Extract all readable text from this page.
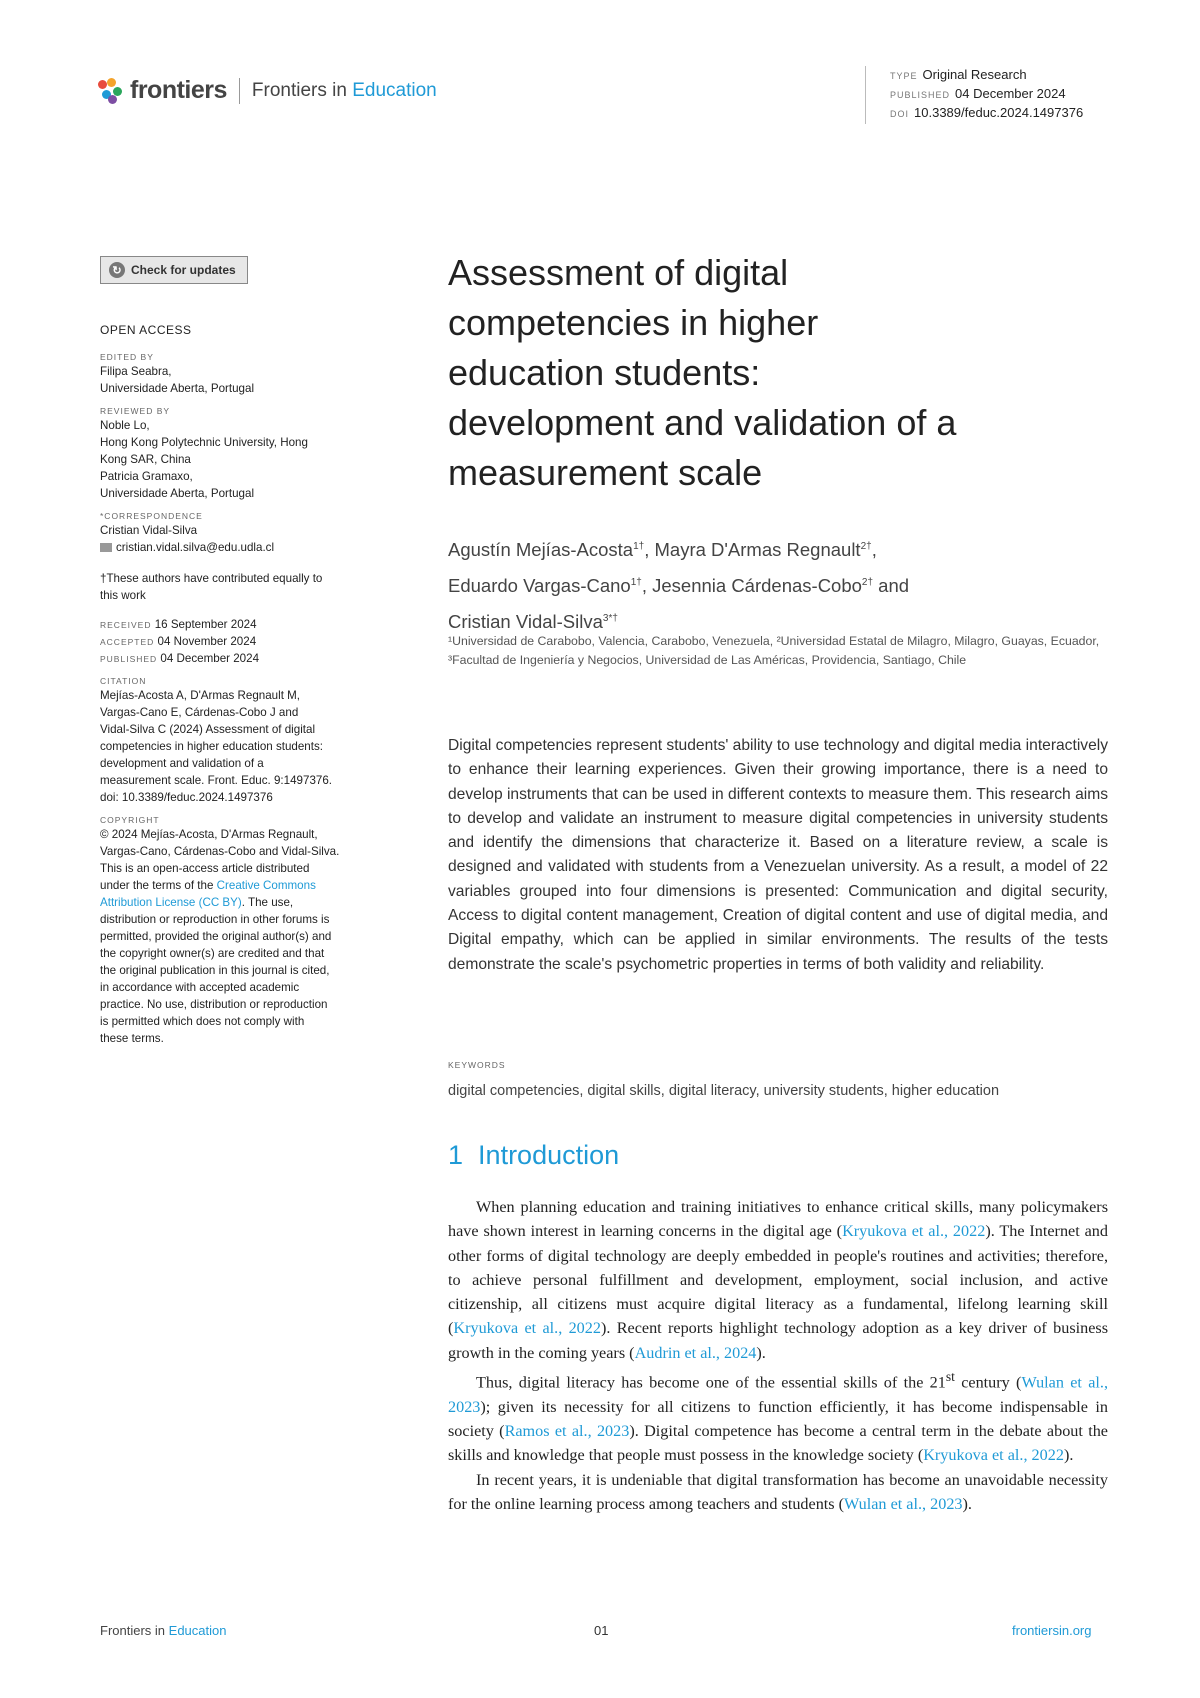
frontiers Frontiers in Education
TYPE Original Research
PUBLISHED 04 December 2024
DOI 10.3389/feduc.2024.1497376
↻ Check for updates
OPEN ACCESS
EDITED BY
Filipa Seabra,
Universidade Aberta, Portugal
REVIEWED BY
Noble Lo,
Hong Kong Polytechnic University, Hong
Kong SAR, China
Patricia Gramaxo,
Universidade Aberta, Portugal
*CORRESPONDENCE
Cristian Vidal-Silva
cristian.vidal.silva@edu.udla.cl
†These authors have contributed equally to
this work
RECEIVED 16 September 2024
ACCEPTED 04 November 2024
PUBLISHED 04 December 2024
CITATION
Mejías-Acosta A, D'Armas Regnault M,
Vargas-Cano E, Cárdenas-Cobo J and
Vidal-Silva C (2024) Assessment of digital
competencies in higher education students:
development and validation of a
measurement scale. Front. Educ. 9:1497376.
doi: 10.3389/feduc.2024.1497376
COPYRIGHT
© 2024 Mejías-Acosta, D'Armas Regnault,
Vargas-Cano, Cárdenas-Cobo and Vidal-Silva.
This is an open-access article distributed
under the terms of the Creative Commons
Attribution License (CC BY). The use,
distribution or reproduction in other forums is
permitted, provided the original author(s) and
the copyright owner(s) are credited and that
the original publication in this journal is cited,
in accordance with accepted academic
practice. No use, distribution or reproduction
is permitted which does not comply with
these terms.
Assessment of digital
competencies in higher
education students:
development and validation of a
measurement scale
Agustín Mejías-Acosta$^{1\dagger}$, Mayra D'Armas Regnault$^{2\dagger}$,
Eduardo Vargas-Cano$^{1\dagger}$, Jesennia Cárdenas-Cobo$^{2\dagger}$ and
Cristian Vidal-Silva$^{3*\dagger}$
¹Universidad de Carabobo, Valencia, Carabobo, Venezuela, ²Universidad Estatal de Milagro, Milagro, Guayas, Ecuador, ³Facultad de Ingeniería y Negocios, Universidad de Las Américas, Providencia, Santiago, Chile
Digital competencies represent students' ability to use technology and digital media interactively to enhance their learning experiences. Given their growing importance, there is a need to develop instruments that can be used in different contexts to measure them. This research aims to develop and validate an instrument to measure digital competencies in university students and identify the dimensions that characterize it. Based on a literature review, a scale is designed and validated with students from a Venezuelan university. As a result, a model of 22 variables grouped into four dimensions is presented: Communication and digital security, Access to digital content management, Creation of digital content and use of digital media, and Digital empathy, which can be applied in similar environments. The results of the tests demonstrate the scale's psychometric properties in terms of both validity and reliability.
KEYWORDS
digital competencies, digital skills, digital literacy, university students, higher education
1 Introduction

When planning education and training initiatives to enhance critical skills, many policymakers have shown interest in learning concerns in the digital age (Kryukova et al., 2022). The Internet and other forms of digital technology are deeply embedded in people's routines and activities; therefore, to achieve personal fulfillment and development, employment, social inclusion, and active citizenship, all citizens must acquire digital literacy as a fundamental, lifelong learning skill (Kryukova et al., 2022). Recent reports highlight technology adoption as a key driver of business growth in the coming years (Audrin et al., 2024).

Thus, digital literacy has become one of the essential skills of the 21st century (Wulan et al., 2023); given its necessity for all citizens to function efficiently, it has become indispensable in society (Ramos et al., 2023). Digital competence has become a central term in the debate about the skills and knowledge that people must possess in the knowledge society (Kryukova et al., 2022).

In recent years, it is undeniable that digital transformation has become an unavoidable necessity for the online learning process among teachers and students (Wulan et al., 2023).

Frontiers in Education	01	frontiersin.org
